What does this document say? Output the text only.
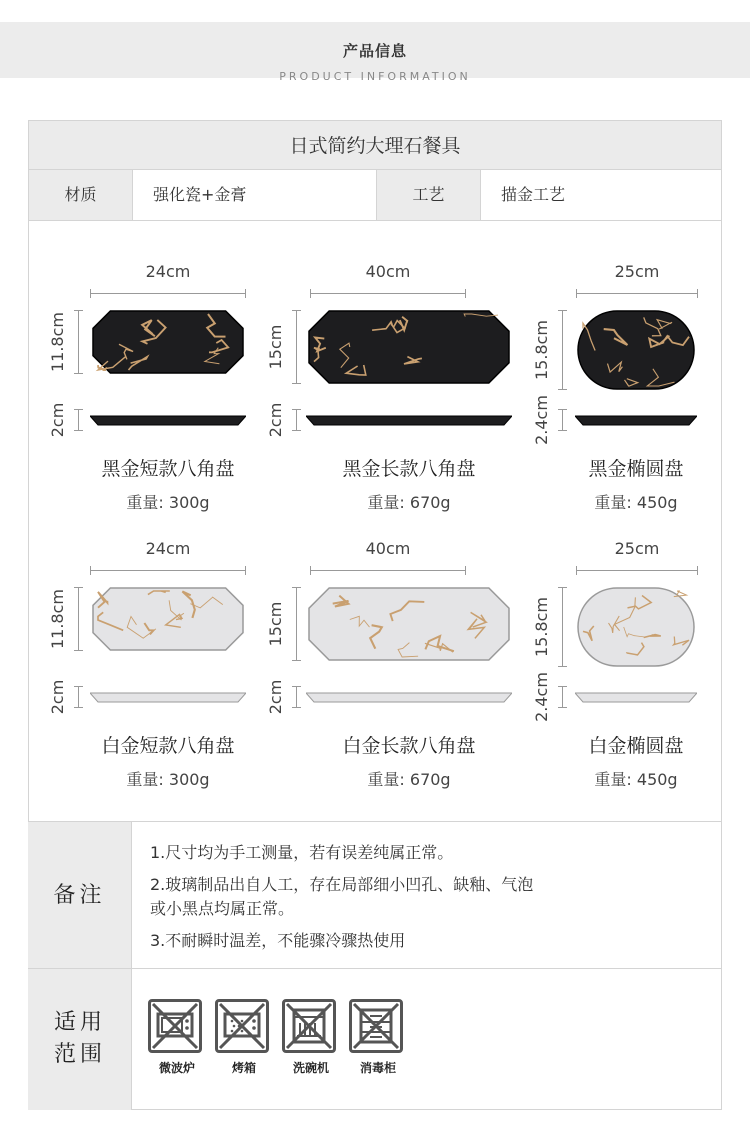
产品信息
PRODUCT INFORMATION
日式简约大理石餐具
材质	强化瓷+金膏	工艺	描金工艺
24cm
11.8cm
2cm
黑金短款八角盘
重量: 300g
40cm
15cm
2cm
黑金长款八角盘
重量: 670g
25cm
15.8cm
2.4cm
黑金椭圆盘
重量: 450g
24cm
11.8cm
2cm
白金短款八角盘
重量: 300g
40cm
15cm
2cm
白金长款八角盘
重量: 670g
25cm
15.8cm
2.4cm
白金椭圆盘
重量: 450g
备注
1.尺寸均为手工测量，若有误差纯属正常。
2.玻璃制品出自人工，存在局部细小凹孔、缺釉、气泡
或小黑点均属正常。
3.不耐瞬时温差，不能骤冷骤热使用
适用
范围
微波炉	烤箱	洗碗机	消毒柜
